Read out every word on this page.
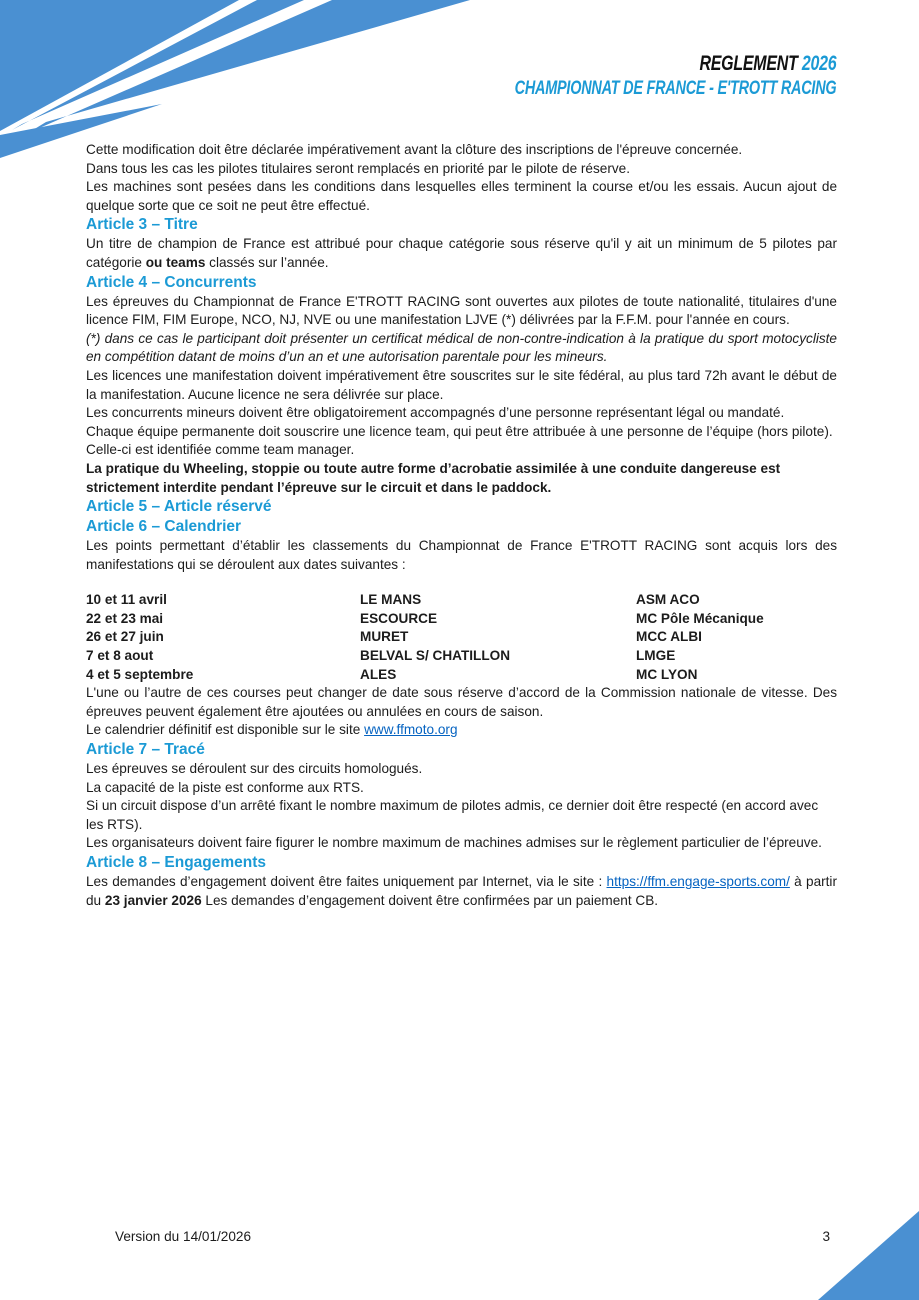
REGLEMENT 2026
CHAMPIONNAT DE FRANCE - E'TROTT RACING

Cette modification doit être déclarée impérativement avant la clôture des inscriptions de l'épreuve concernée.

Dans tous les cas les pilotes titulaires seront remplacés en priorité par le pilote de réserve.

Les machines sont pesées dans les conditions dans lesquelles elles terminent la course et/ou les essais. Aucun ajout de quelque sorte que ce soit ne peut être effectué.

Article 3 – Titre

Un titre de champion de France est attribué pour chaque catégorie sous réserve qu'il y ait un minimum de 5 pilotes par catégorie ou teams classés sur l’année.

Article 4 – Concurrents

Les épreuves du Championnat de France E'TROTT RACING sont ouvertes aux pilotes de toute nationalité, titulaires d'une licence FIM, FIM Europe, NCO, NJ, NVE ou une manifestation LJVE (*) délivrées par la F.F.M. pour l'année en cours.

(*) dans ce cas le participant doit présenter un certificat médical de non-contre-indication à la pratique du sport motocycliste en compétition datant de moins d’un an et une autorisation parentale pour les mineurs.

Les licences une manifestation doivent impérativement être souscrites sur le site fédéral, au plus tard 72h avant le début de la manifestation. Aucune licence ne sera délivrée sur place.

Les concurrents mineurs doivent être obligatoirement accompagnés d’une personne représentant légal ou mandaté.

Chaque équipe permanente doit souscrire une licence team, qui peut être attribuée à une personne de l’équipe (hors pilote). Celle-ci est identifiée comme team manager.

La pratique du Wheeling, stoppie ou toute autre forme d’acrobatie assimilée à une conduite dangereuse est strictement interdite pendant l’épreuve sur le circuit et dans le paddock.

Article 5 – Article réservé

Article 6 – Calendrier

Les points permettant d’établir les classements du Championnat de France E'TROTT RACING sont acquis lors des manifestations qui se déroulent aux dates suivantes :

10 et 11 avril	LE MANS	ASM ACO
22 et 23 mai	ESCOURCE	MC Pôle Mécanique
26 et 27 juin	MURET	MCC ALBI
7 et 8 aout	BELVAL S/ CHATILLON	LMGE
4 et 5 septembre	ALES	MC LYON

L'une ou l’autre de ces courses peut changer de date sous réserve d’accord de la Commission nationale de vitesse. Des épreuves peuvent également être ajoutées ou annulées en cours de saison.

Le calendrier définitif est disponible sur le site www.ffmoto.org

Article 7 – Tracé

Les épreuves se déroulent sur des circuits homologués.

La capacité de la piste est conforme aux RTS.

Si un circuit dispose d’un arrêté fixant le nombre maximum de pilotes admis, ce dernier doit être respecté (en accord avec les RTS).

Les organisateurs doivent faire figurer le nombre maximum de machines admises sur le règlement particulier de l’épreuve.

Article 8 – Engagements

Les demandes d’engagement doivent être faites uniquement par Internet, via le site : https://ffm.engage-sports.com/ à partir du 23 janvier 2026 Les demandes d’engagement doivent être confirmées par un paiement CB.

Version du 14/01/2026	3
